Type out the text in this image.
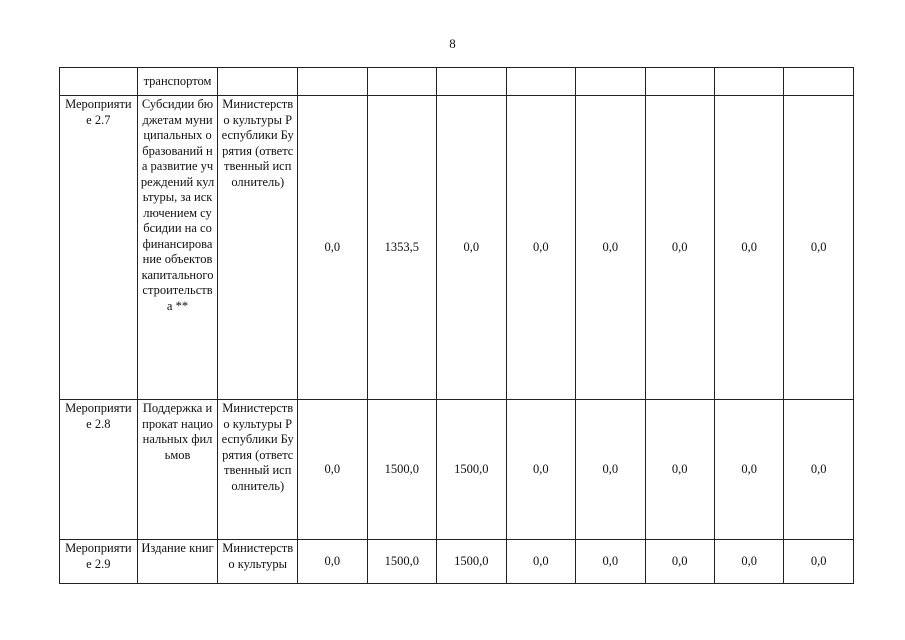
8
	транспортом									
Мероприятие 2.7	Субсидии бюджетам муниципальных образований на развитие учреждений культуры, за исключением субсидии на софинансирование объектов капитального строительства **	Министерство культуры Республики Бурятия (ответственный исполнитель)	0,0	1353,5	0,0	0,0	0,0	0,0	0,0	0,0
Мероприятие 2.8	Поддержка и прокат национальных фильмов	Министерство культуры Республики Бурятия (ответственный исполнитель)	0,0	1500,0	1500,0	0,0	0,0	0,0	0,0	0,0
Мероприятие 2.9	Издание книг	Министерство культуры	0,0	1500,0	1500,0	0,0	0,0	0,0	0,0	0,0
